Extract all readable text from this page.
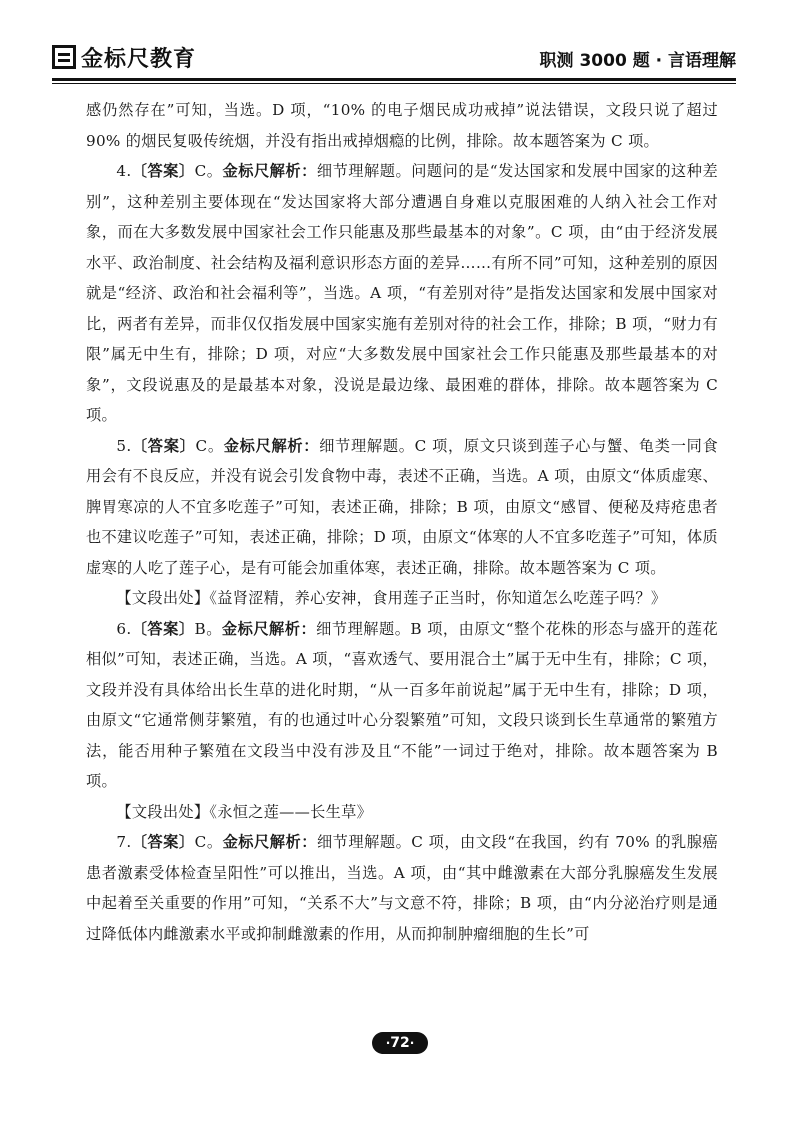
金标尺教育	职测 3000 题 · 言语理解

感仍然存在”可知，当选。D 项，“10% 的电子烟民成功戒掉”说法错误，文段只说了超过 90% 的烟民复吸传统烟，并没有指出戒掉烟瘾的比例，排除。故本题答案为 C 项。

4.〔答案〕C。金标尺解析：细节理解题。问题问的是“发达国家和发展中国家的这种差别”，这种差别主要体现在“发达国家将大部分遭遇自身难以克服困难的人纳入社会工作对象，而在大多数发展中国家社会工作只能惠及那些最基本的对象”。C 项，由“由于经济发展水平、政治制度、社会结构及福利意识形态方面的差异……有所不同”可知，这种差别的原因就是“经济、政治和社会福利等”，当选。A 项，“有差别对待”是指发达国家和发展中国家对比，两者有差异，而非仅仅指发展中国家实施有差别对待的社会工作，排除；B 项，“财力有限”属无中生有，排除；D 项，对应“大多数发展中国家社会工作只能惠及那些最基本的对象”，文段说惠及的是最基本对象，没说是最边缘、最困难的群体，排除。故本题答案为 C 项。

5.〔答案〕C。金标尺解析：细节理解题。C 项，原文只谈到莲子心与蟹、龟类一同食用会有不良反应，并没有说会引发食物中毒，表述不正确，当选。A 项，由原文“体质虚寒、脾胃寒凉的人不宜多吃莲子”可知，表述正确，排除；B 项，由原文“感冒、便秘及痔疮患者也不建议吃莲子”可知，表述正确，排除；D 项，由原文“体寒的人不宜多吃莲子”可知，体质虚寒的人吃了莲子心，是有可能会加重体寒，表述正确，排除。故本题答案为 C 项。

【文段出处】《益肾涩精，养心安神，食用莲子正当时，你知道怎么吃莲子吗？》

6.〔答案〕B。金标尺解析：细节理解题。B 项，由原文“整个花株的形态与盛开的莲花相似”可知，表述正确，当选。A 项，“喜欢透气、要用混合土”属于无中生有，排除；C 项，文段并没有具体给出长生草的进化时期，“从一百多年前说起”属于无中生有，排除；D 项，由原文“它通常侧芽繁殖，有的也通过叶心分裂繁殖”可知，文段只谈到长生草通常的繁殖方法，能否用种子繁殖在文段当中没有涉及且“不能”一词过于绝对，排除。故本题答案为 B 项。

【文段出处】《永恒之莲——长生草》

7.〔答案〕C。金标尺解析：细节理解题。C 项，由文段“在我国，约有 70% 的乳腺癌患者激素受体检查呈阳性”可以推出，当选。A 项，由“其中雌激素在大部分乳腺癌发生发展中起着至关重要的作用”可知，“关系不大”与文意不符，排除；B 项，由“内分泌治疗则是通过降低体内雌激素水平或抑制雌激素的作用，从而抑制肿瘤细胞的生长”可

·72·
